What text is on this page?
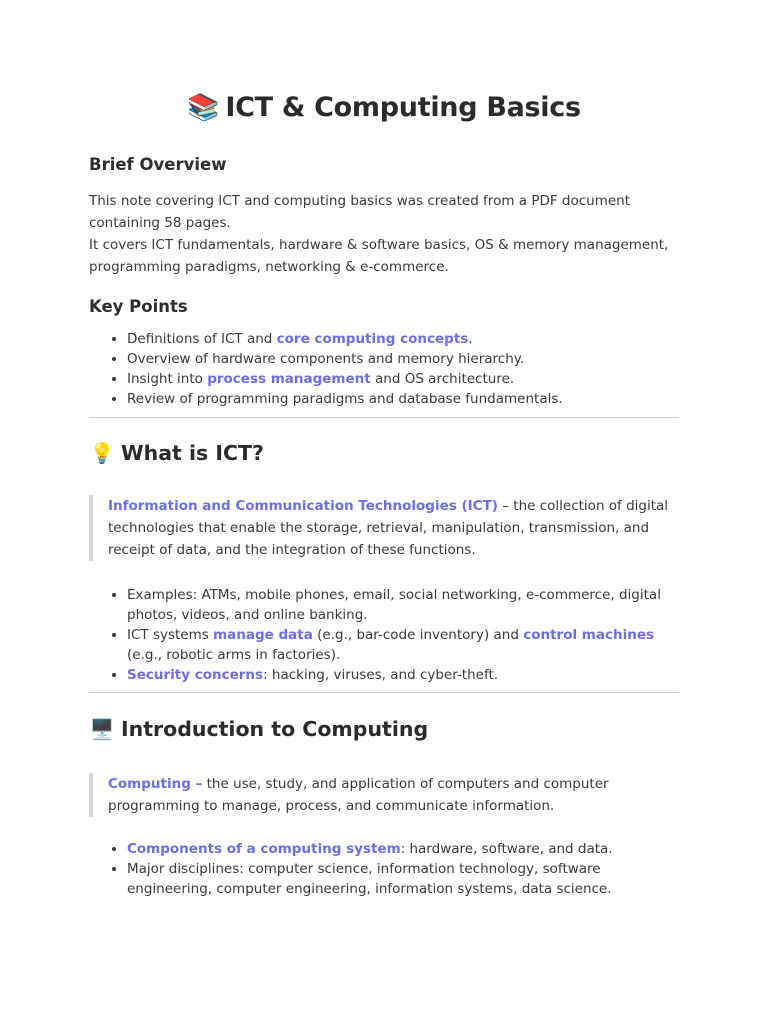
📚 ICT & Computing Basics
Brief Overview

This note covering ICT and computing basics was created from a PDF document containing 58 pages.

It covers ICT fundamentals, hardware & software basics, OS & memory management, programming paradigms, networking & e-commerce.

Key Points
• Definitions of ICT and core computing concepts.
• Overview of hardware components and memory hierarchy.
• Insight into process management and OS architecture.
• Review of programming paradigms and database fundamentals.
💡 What is ICT?

Information and Communication Technologies (ICT) – the collection of digital technologies that enable the storage, retrieval, manipulation, transmission, and receipt of data, and the integration of these functions.

• Examples: ATMs, mobile phones, email, social networking, e-commerce, digital photos, videos, and online banking.
• ICT systems manage data (e.g., bar-code inventory) and control machines (e.g., robotic arms in factories).
• Security concerns: hacking, viruses, and cyber-theft.
🖥️ Introduction to Computing

Computing – the use, study, and application of computers and computer programming to manage, process, and communicate information.

• Components of a computing system: hardware, software, and data.
• Major disciplines: computer science, information technology, software engineering, computer engineering, information systems, data science.
